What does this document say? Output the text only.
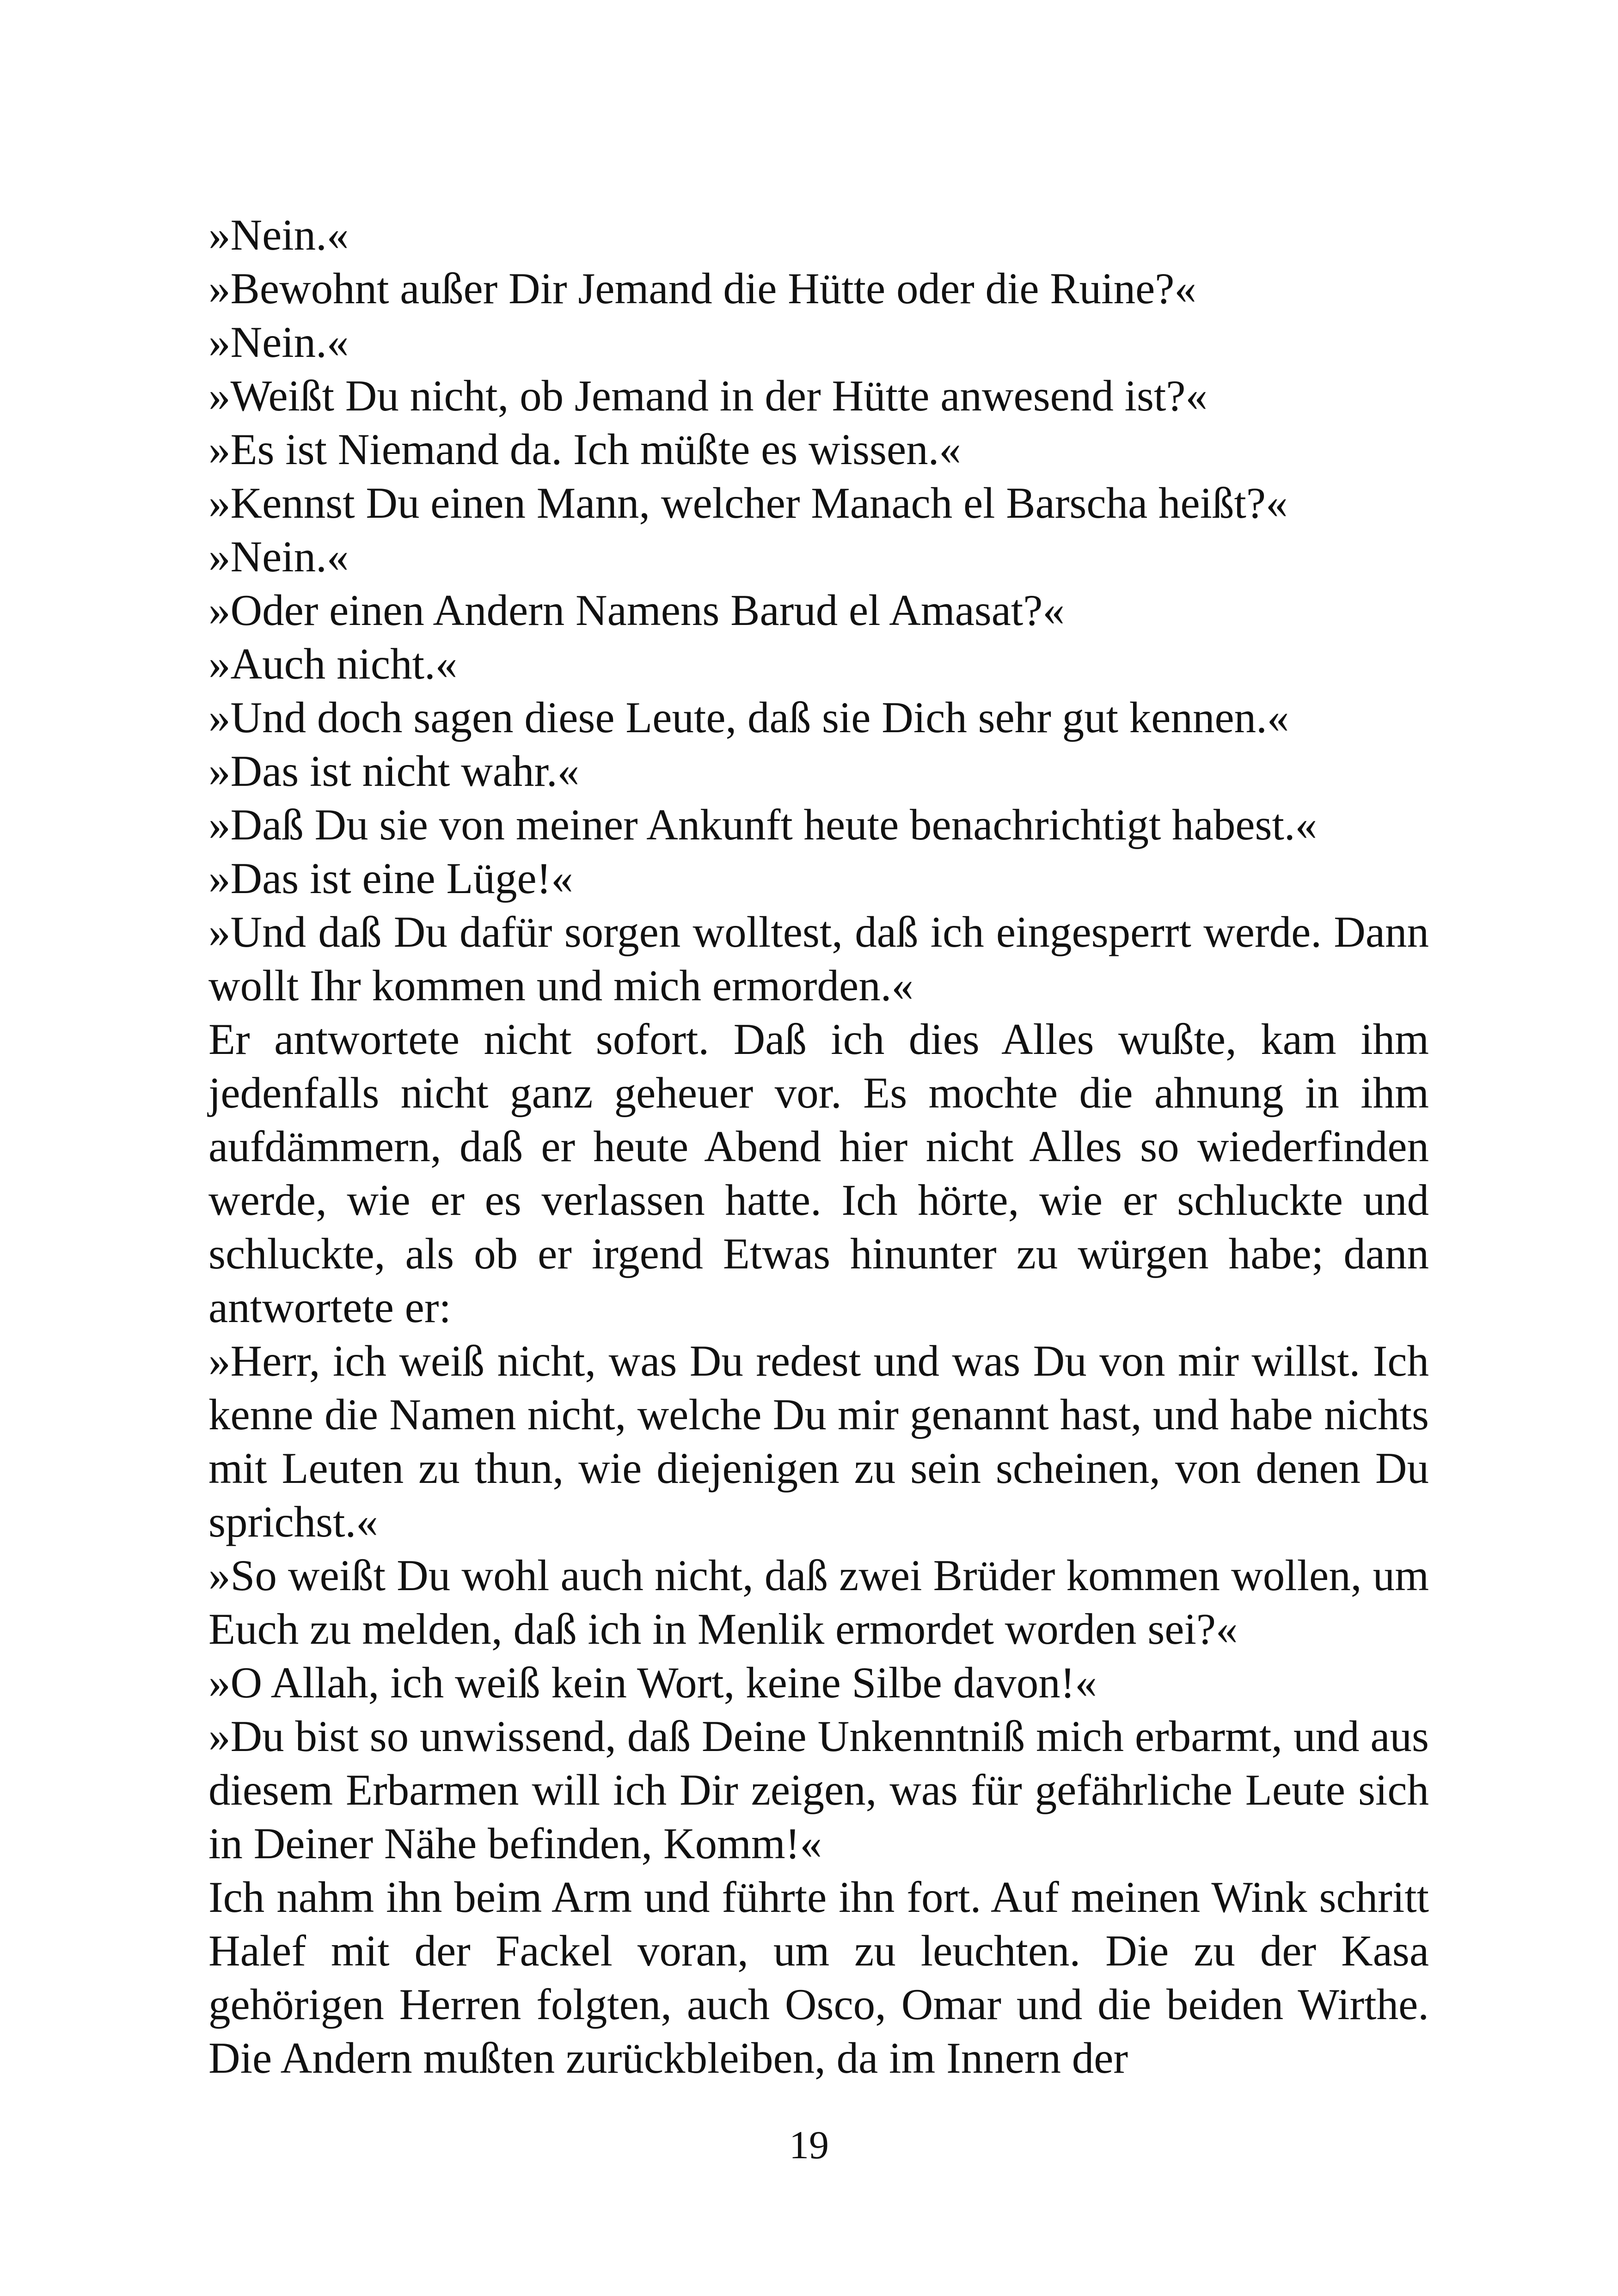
»Nein.«

»Bewohnt außer Dir Jemand die Hütte oder die Ruine?«

»Nein.«

»Weißt Du nicht, ob Jemand in der Hütte anwesend ist?«

»Es ist Niemand da. Ich müßte es wissen.«

»Kennst Du einen Mann, welcher Manach el Barscha heißt?«

»Nein.«

»Oder einen Andern Namens Barud el Amasat?«

»Auch nicht.«

»Und doch sagen diese Leute, daß sie Dich sehr gut kennen.«

»Das ist nicht wahr.«

»Daß Du sie von meiner Ankunft heute benachrichtigt habest.«

»Das ist eine Lüge!«

»Und daß Du dafür sorgen wolltest, daß ich eingesperrt werde. Dann wollt Ihr kommen und mich ermorden.«

Er antwortete nicht sofort. Daß ich dies Alles wußte, kam ihm jedenfalls nicht ganz geheuer vor. Es mochte die ahnung in ihm aufdämmern, daß er heute Abend hier nicht Alles so wiederfinden werde, wie er es verlassen hatte. Ich hörte, wie er schluckte und schluckte, als ob er irgend Etwas hinunter zu würgen habe; dann antwortete er:

»Herr, ich weiß nicht, was Du redest und was Du von mir willst. Ich kenne die Namen nicht, welche Du mir genannt hast, und habe nichts mit Leuten zu thun, wie diejenigen zu sein scheinen, von denen Du sprichst.«

»So weißt Du wohl auch nicht, daß zwei Brüder kommen wollen, um Euch zu melden, daß ich in Menlik ermordet worden sei?«

»O Allah, ich weiß kein Wort, keine Silbe davon!«

»Du bist so unwissend, daß Deine Unkenntniß mich erbarmt, und aus diesem Erbarmen will ich Dir zeigen, was für gefährliche Leute sich in Deiner Nähe befinden, Komm!«

Ich nahm ihn beim Arm und führte ihn fort. Auf meinen Wink schritt Halef mit der Fackel voran, um zu leuchten. Die zu der Kasa gehörigen Herren folgten, auch Osco, Omar und die beiden Wirthe. Die Andern mußten zurückbleiben, da im Innern der

19
